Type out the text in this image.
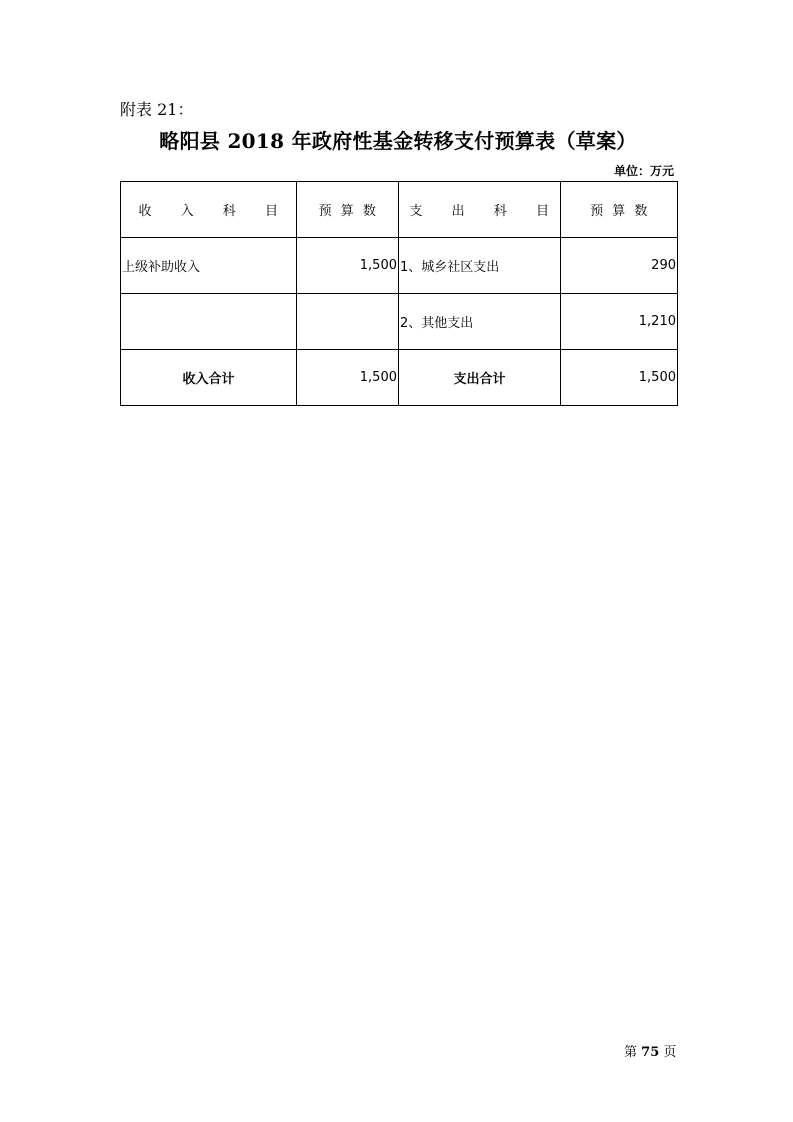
附表 21：
略阳县 2018 年政府性基金转移支付预算表（草案）
单位：万元
收 入 科 目	预 算 数	支 出 科 目	预 算 数
上级补助收入	1,500	1、城乡社区支出	290
		2、其他支出	1,210
收入合计	1,500	支出合计	1,500
第 75 页
